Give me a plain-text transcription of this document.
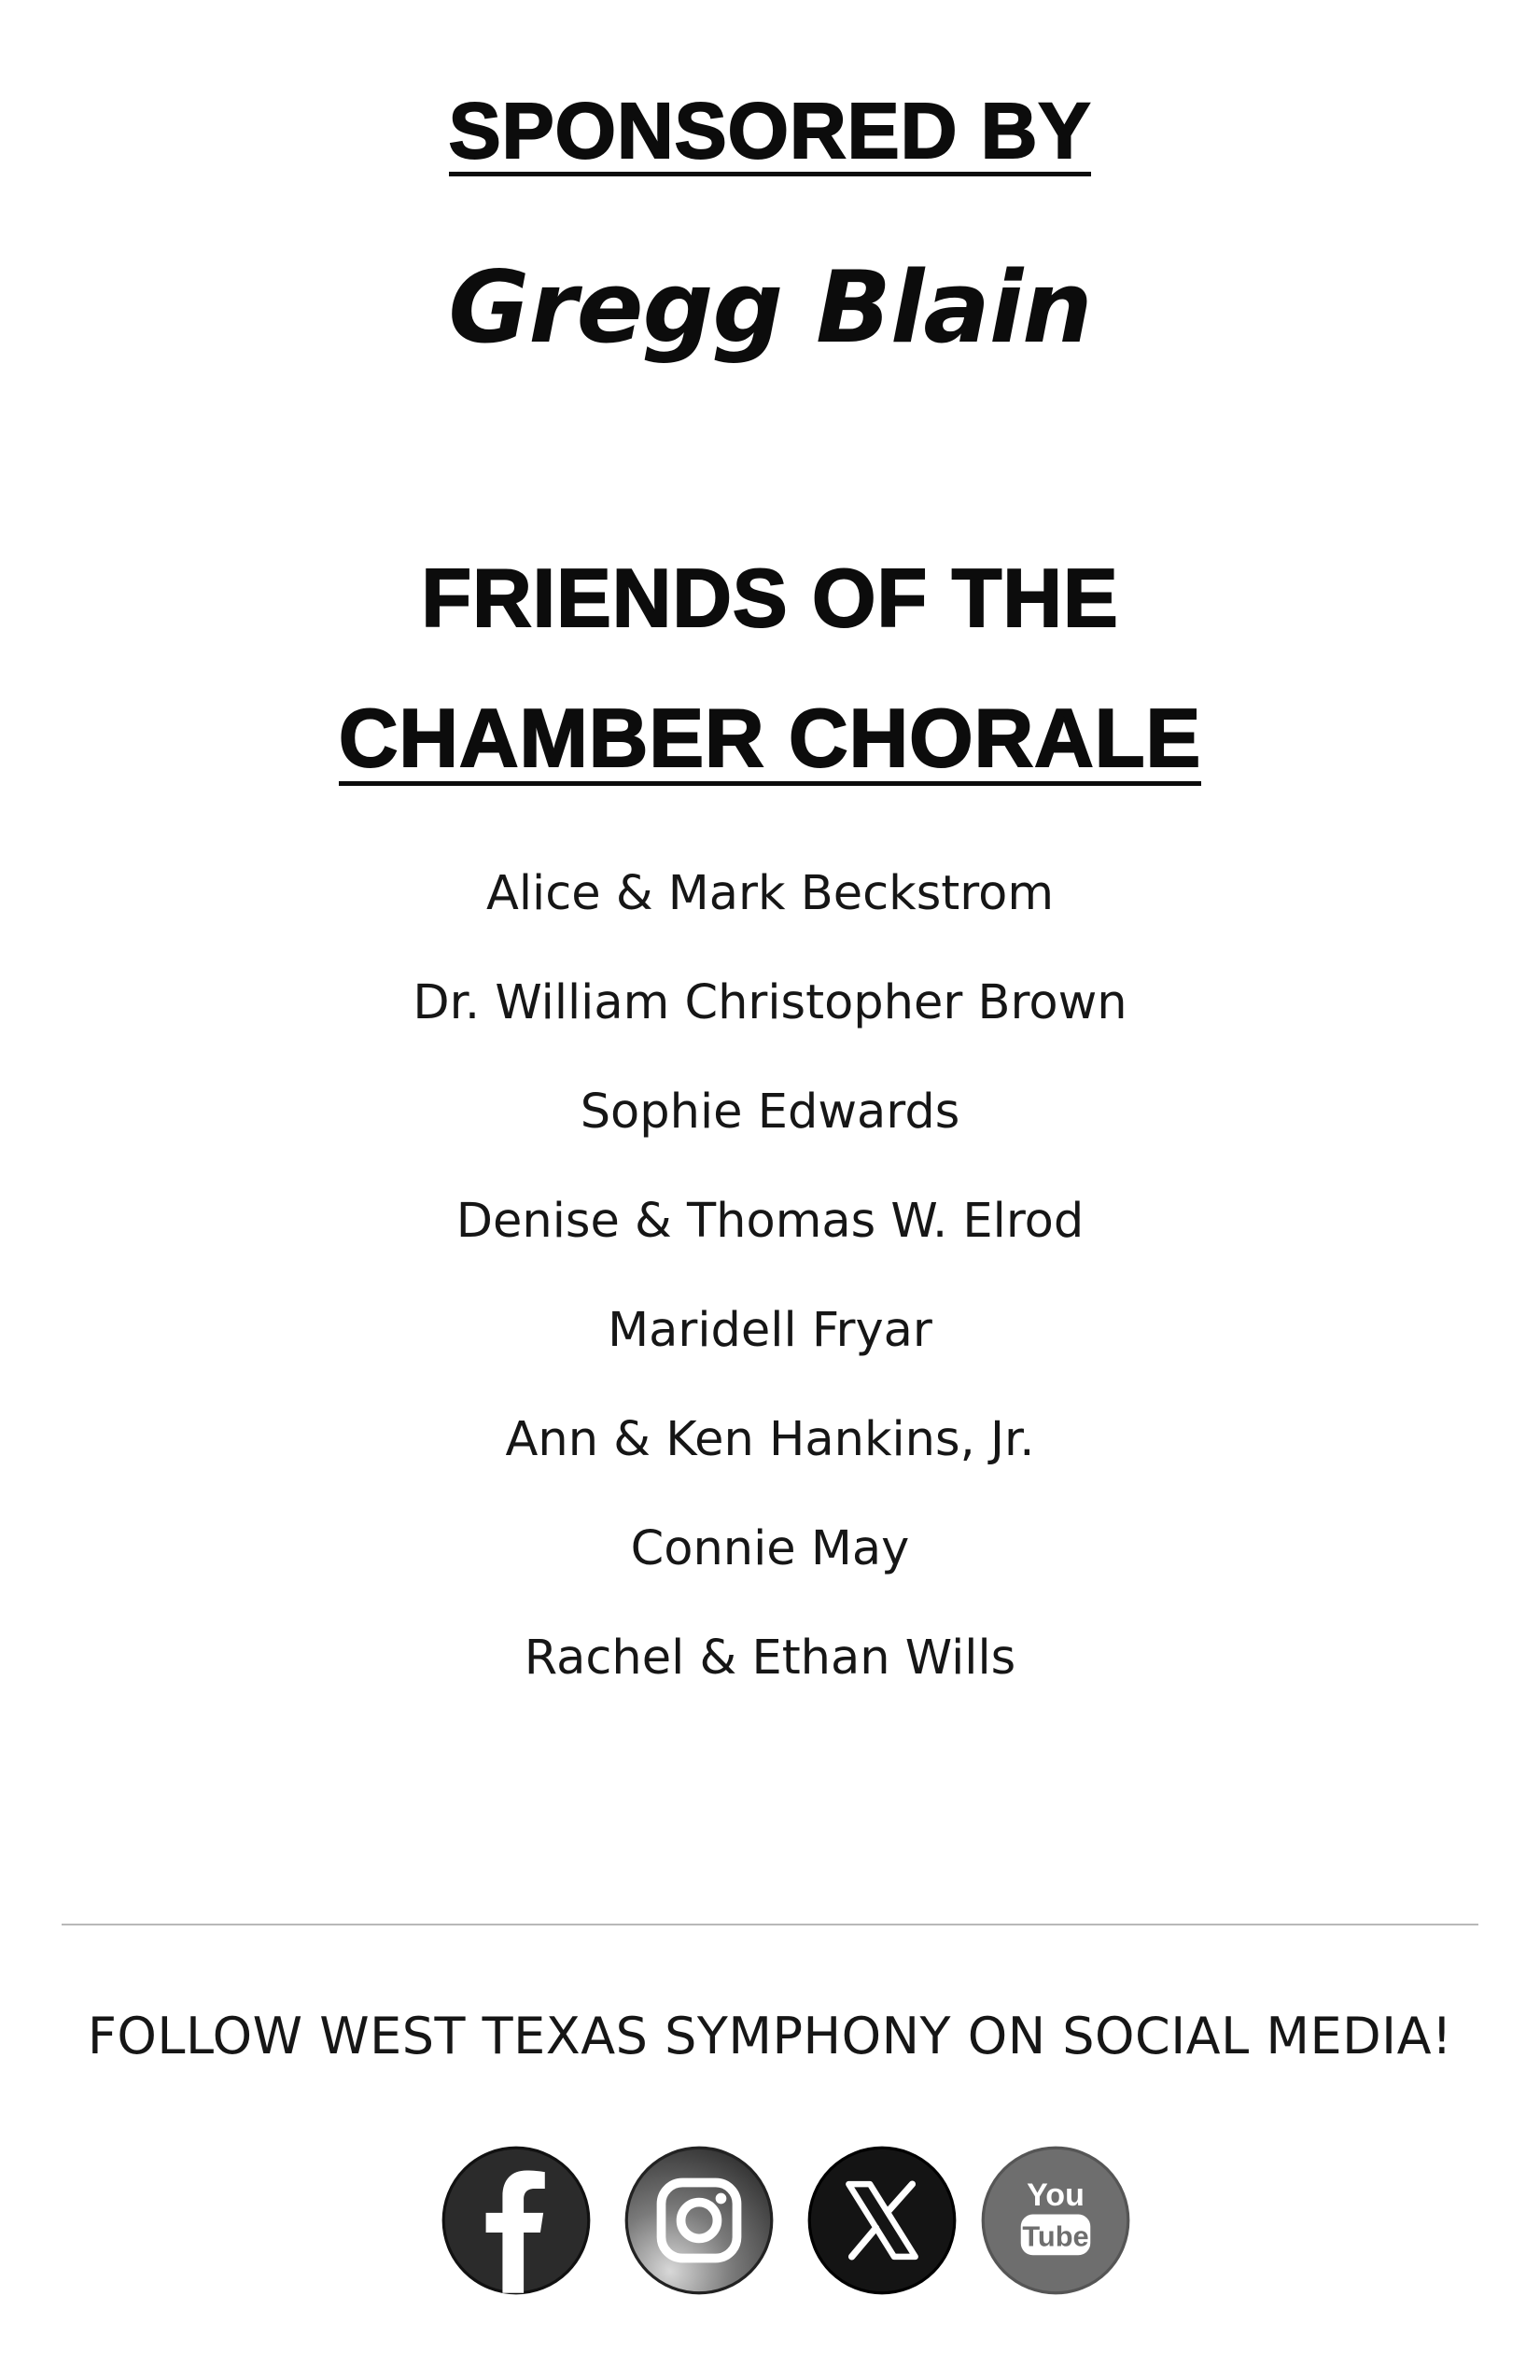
SPONSORED BY
Gregg Blain
FRIENDS OF THE
CHAMBER CHORALE
Alice & Mark Beckstrom
Dr. William Christopher Brown
Sophie Edwards
Denise & Thomas W. Elrod
Maridell Fryar
Ann & Ken Hankins, Jr.
Connie May
Rachel & Ethan Wills
FOLLOW WEST TEXAS SYMPHONY ON SOCIAL MEDIA!
You
Tube
